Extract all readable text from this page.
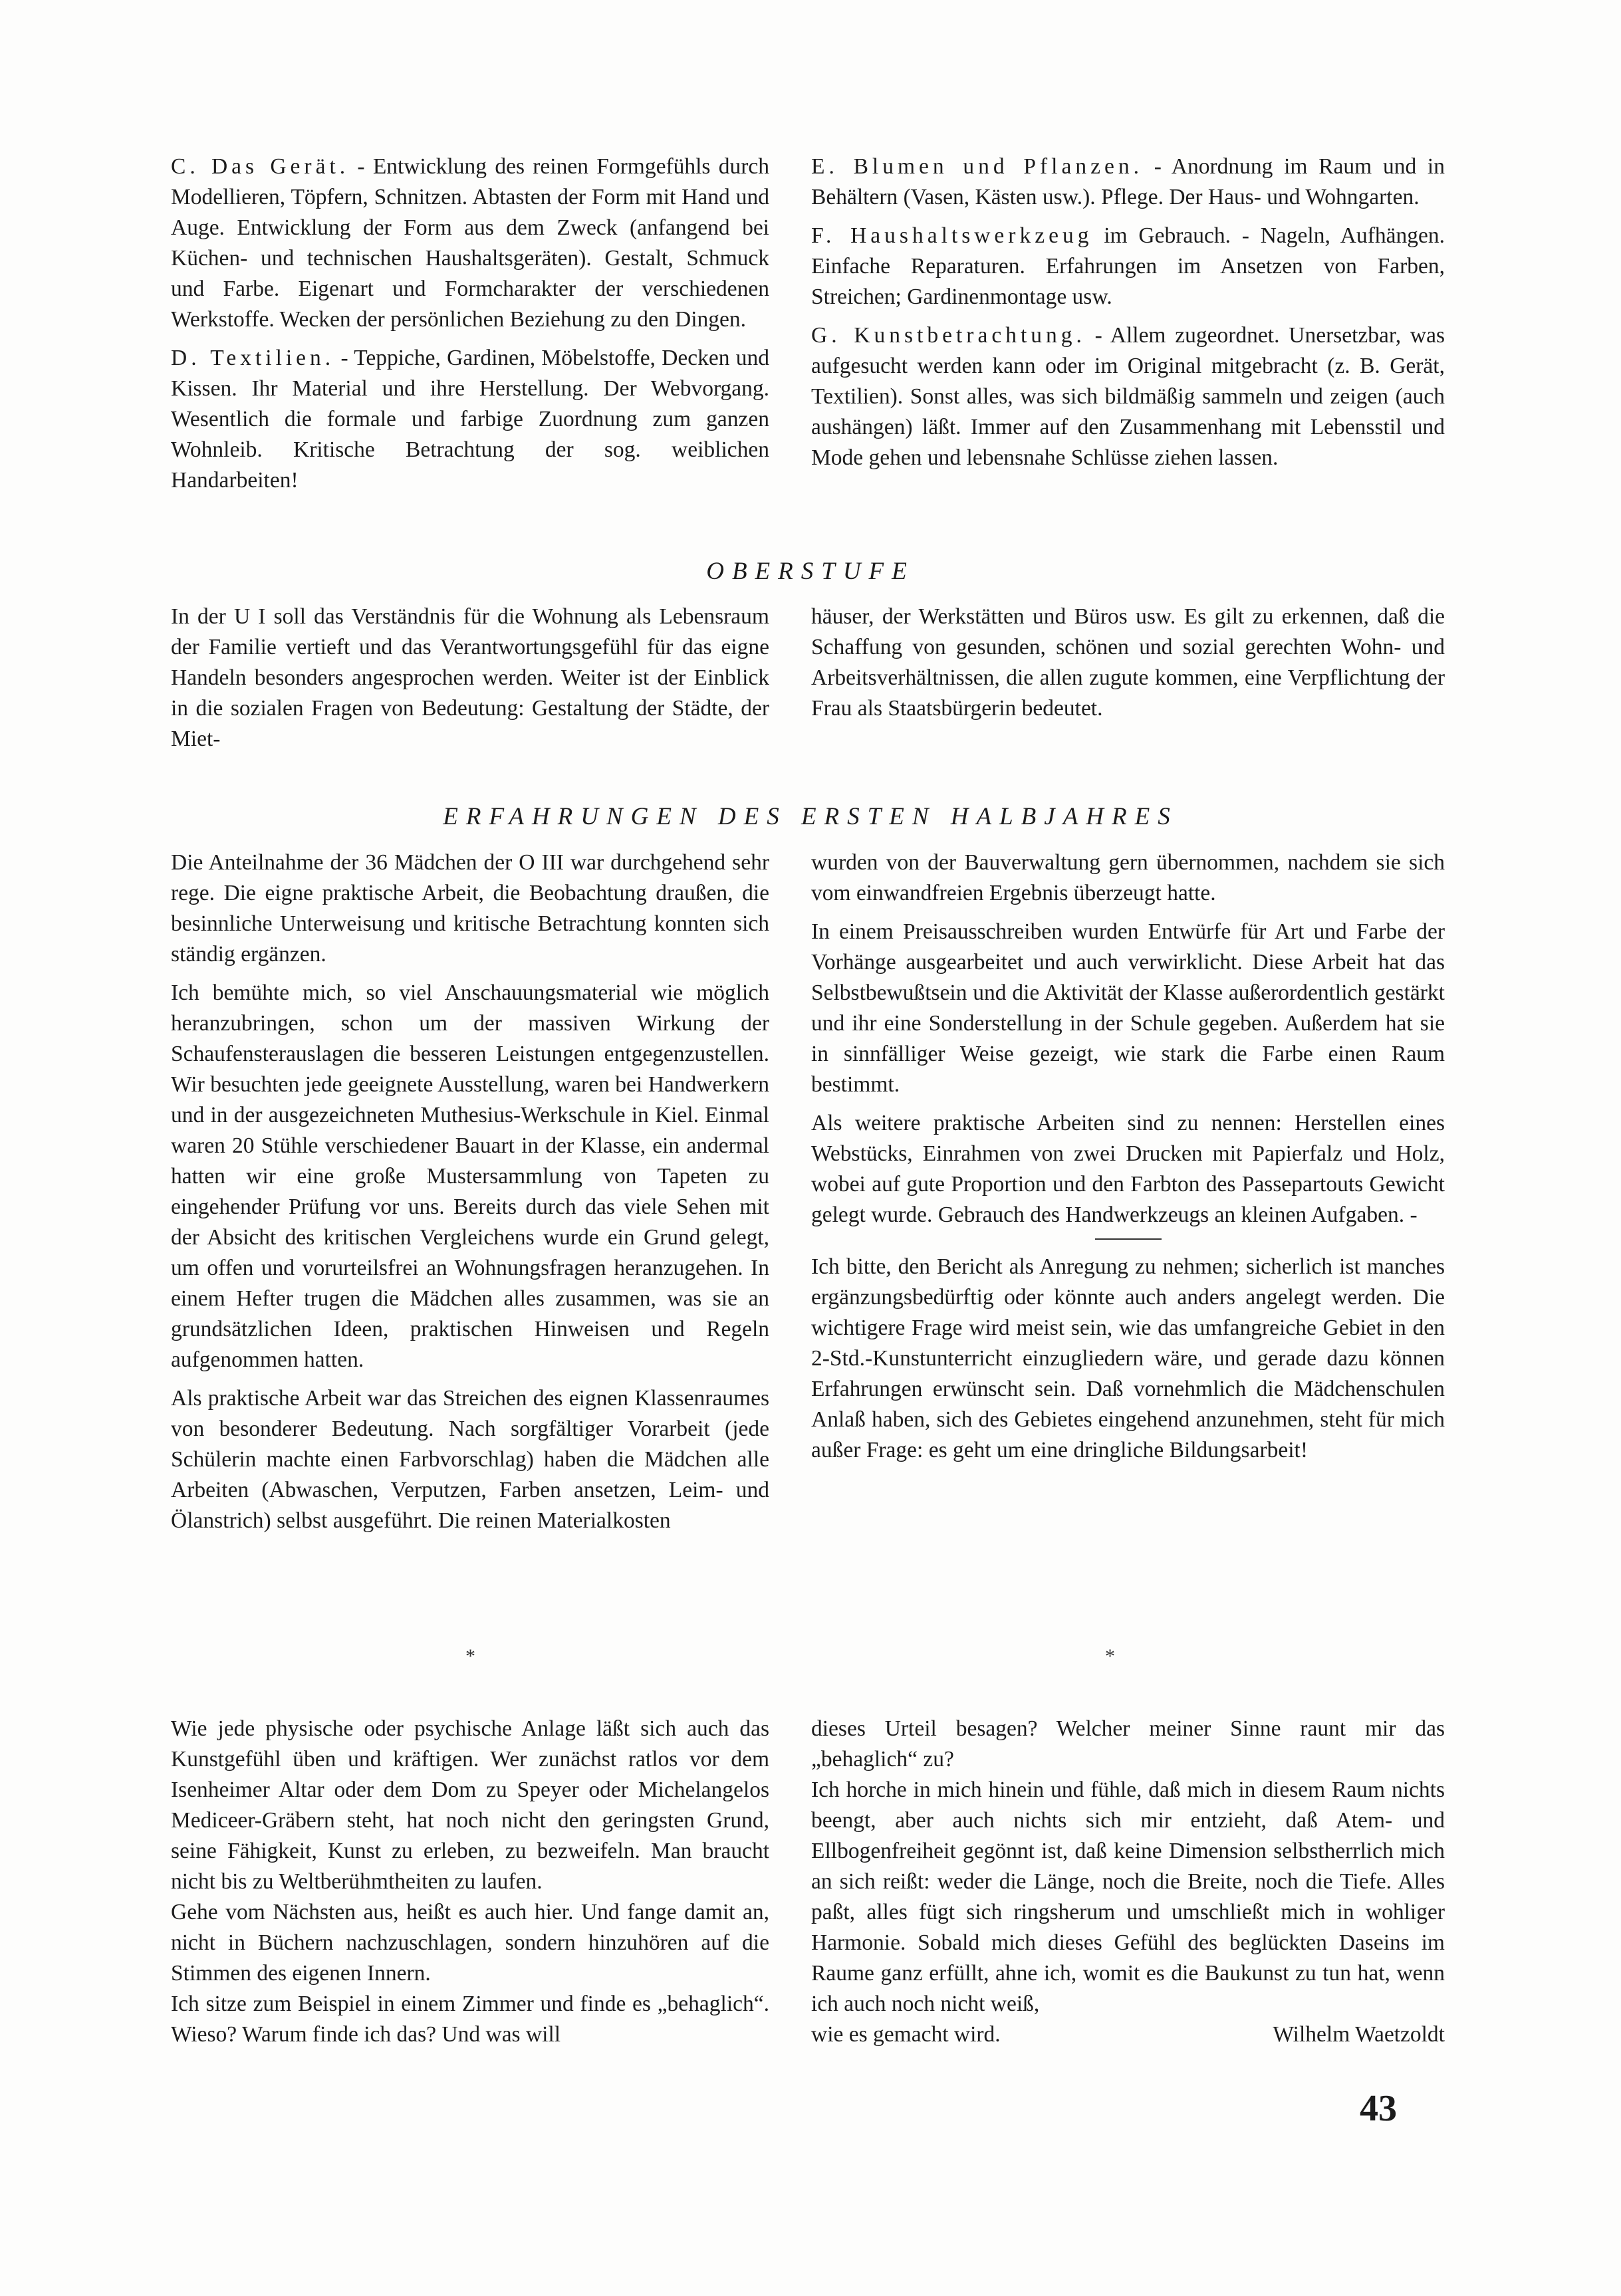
C. Das Gerät. - Entwicklung des reinen Formgefühls durch Modellieren, Töpfern, Schnitzen. Abtasten der Form mit Hand und Auge. Entwicklung der Form aus dem Zweck (anfangend bei Küchen- und technischen Haushaltsgeräten). Gestalt, Schmuck und Farbe. Eigenart und Formcharakter der verschiedenen Werkstoffe. Wecken der persönlichen Beziehung zu den Dingen.

D. Textilien. - Teppiche, Gardinen, Möbelstoffe, Decken und Kissen. Ihr Material und ihre Herstellung. Der Webvorgang. Wesentlich die formale und farbige Zuordnung zum ganzen Wohnleib. Kritische Betrachtung der sog. weiblichen Handarbeiten!

E. Blumen und Pflanzen. - Anordnung im Raum und in Behältern (Vasen, Kästen usw.). Pflege. Der Haus- und Wohngarten.

F. Haushaltswerkzeug im Gebrauch. - Nageln, Aufhängen. Einfache Reparaturen. Erfahrungen im Ansetzen von Farben, Streichen; Gardinenmontage usw.

G. Kunstbetrachtung. - Allem zugeordnet. Unersetzbar, was aufgesucht werden kann oder im Original mitgebracht (z. B. Gerät, Textilien). Sonst alles, was sich bildmäßig sammeln und zeigen (auch aushängen) läßt. Immer auf den Zusammenhang mit Lebensstil und Mode gehen und lebensnahe Schlüsse ziehen lassen.

OBERSTUFE

In der U I soll das Verständnis für die Wohnung als Lebensraum der Familie vertieft und das Verantwortungsgefühl für das eigne Handeln besonders angesprochen werden. Weiter ist der Einblick in die sozialen Fragen von Bedeutung: Gestaltung der Städte, der Miet-

häuser, der Werkstätten und Büros usw. Es gilt zu erkennen, daß die Schaffung von gesunden, schönen und sozial gerechten Wohn- und Arbeitsverhältnissen, die allen zugute kommen, eine Verpflichtung der Frau als Staatsbürgerin bedeutet.

ERFAHRUNGEN DES ERSTEN HALBJAHRES

Die Anteilnahme der 36 Mädchen der O III war durchgehend sehr rege. Die eigne praktische Arbeit, die Beobachtung draußen, die besinnliche Unterweisung und kritische Betrachtung konnten sich ständig ergänzen.

Ich bemühte mich, so viel Anschauungsmaterial wie möglich heranzubringen, schon um der massiven Wirkung der Schaufensterauslagen die besseren Leistungen entgegenzustellen. Wir besuchten jede geeignete Ausstellung, waren bei Handwerkern und in der ausgezeichneten Muthesius-Werkschule in Kiel. Einmal waren 20 Stühle verschiedener Bauart in der Klasse, ein andermal hatten wir eine große Mustersammlung von Tapeten zu eingehender Prüfung vor uns. Bereits durch das viele Sehen mit der Absicht des kritischen Vergleichens wurde ein Grund gelegt, um offen und vorurteilsfrei an Wohnungsfragen heranzugehen. In einem Hefter trugen die Mädchen alles zusammen, was sie an grundsätzlichen Ideen, praktischen Hinweisen und Regeln aufgenommen hatten.

Als praktische Arbeit war das Streichen des eignen Klassenraumes von besonderer Bedeutung. Nach sorgfältiger Vorarbeit (jede Schülerin machte einen Farbvorschlag) haben die Mädchen alle Arbeiten (Abwaschen, Verputzen, Farben ansetzen, Leim- und Ölanstrich) selbst ausgeführt. Die reinen Materialkosten

wurden von der Bauverwaltung gern übernommen, nachdem sie sich vom einwandfreien Ergebnis überzeugt hatte.

In einem Preisausschreiben wurden Entwürfe für Art und Farbe der Vorhänge ausgearbeitet und auch verwirklicht. Diese Arbeit hat das Selbstbewußtsein und die Aktivität der Klasse außerordentlich gestärkt und ihr eine Sonderstellung in der Schule gegeben. Außerdem hat sie in sinnfälliger Weise gezeigt, wie stark die Farbe einen Raum bestimmt.

Als weitere praktische Arbeiten sind zu nennen: Herstellen eines Webstücks, Einrahmen von zwei Drucken mit Papierfalz und Holz, wobei auf gute Proportion und den Farbton des Passepartouts Gewicht gelegt wurde. Gebrauch des Handwerkzeugs an kleinen Aufgaben. -

Ich bitte, den Bericht als Anregung zu nehmen; sicherlich ist manches ergänzungsbedürftig oder könnte auch anders angelegt werden. Die wichtigere Frage wird meist sein, wie das umfangreiche Gebiet in den 2-Std.-Kunstunterricht einzugliedern wäre, und gerade dazu können Erfahrungen erwünscht sein. Daß vornehmlich die Mädchenschulen Anlaß haben, sich des Gebietes eingehend anzunehmen, steht für mich außer Frage: es geht um eine dringliche Bildungsarbeit!

*	*

Wie jede physische oder psychische Anlage läßt sich auch das Kunstgefühl üben und kräftigen. Wer zunächst ratlos vor dem Isenheimer Altar oder dem Dom zu Speyer oder Michelangelos Mediceer-Gräbern steht, hat noch nicht den geringsten Grund, seine Fähigkeit, Kunst zu erleben, zu bezweifeln. Man braucht nicht bis zu Weltberühmtheiten zu laufen.

Gehe vom Nächsten aus, heißt es auch hier. Und fange damit an, nicht in Büchern nachzuschlagen, sondern hinzuhören auf die Stimmen des eigenen Innern.

Ich sitze zum Beispiel in einem Zimmer und finde es „behaglich“. Wieso? Warum finde ich das? Und was will

dieses Urteil besagen? Welcher meiner Sinne raunt mir das „behaglich“ zu?

Ich horche in mich hinein und fühle, daß mich in diesem Raum nichts beengt, aber auch nichts sich mir entzieht, daß Atem- und Ellbogenfreiheit gegönnt ist, daß keine Dimension selbstherrlich mich an sich reißt: weder die Länge, noch die Breite, noch die Tiefe. Alles paßt, alles fügt sich ringsherum und umschließt mich in wohliger Harmonie. Sobald mich dieses Gefühl des beglückten Daseins im Raume ganz erfüllt, ahne ich, womit es die Baukunst zu tun hat, wenn ich auch noch nicht weiß,

wie es gemacht wird.	Wilhelm Waetzoldt
43
